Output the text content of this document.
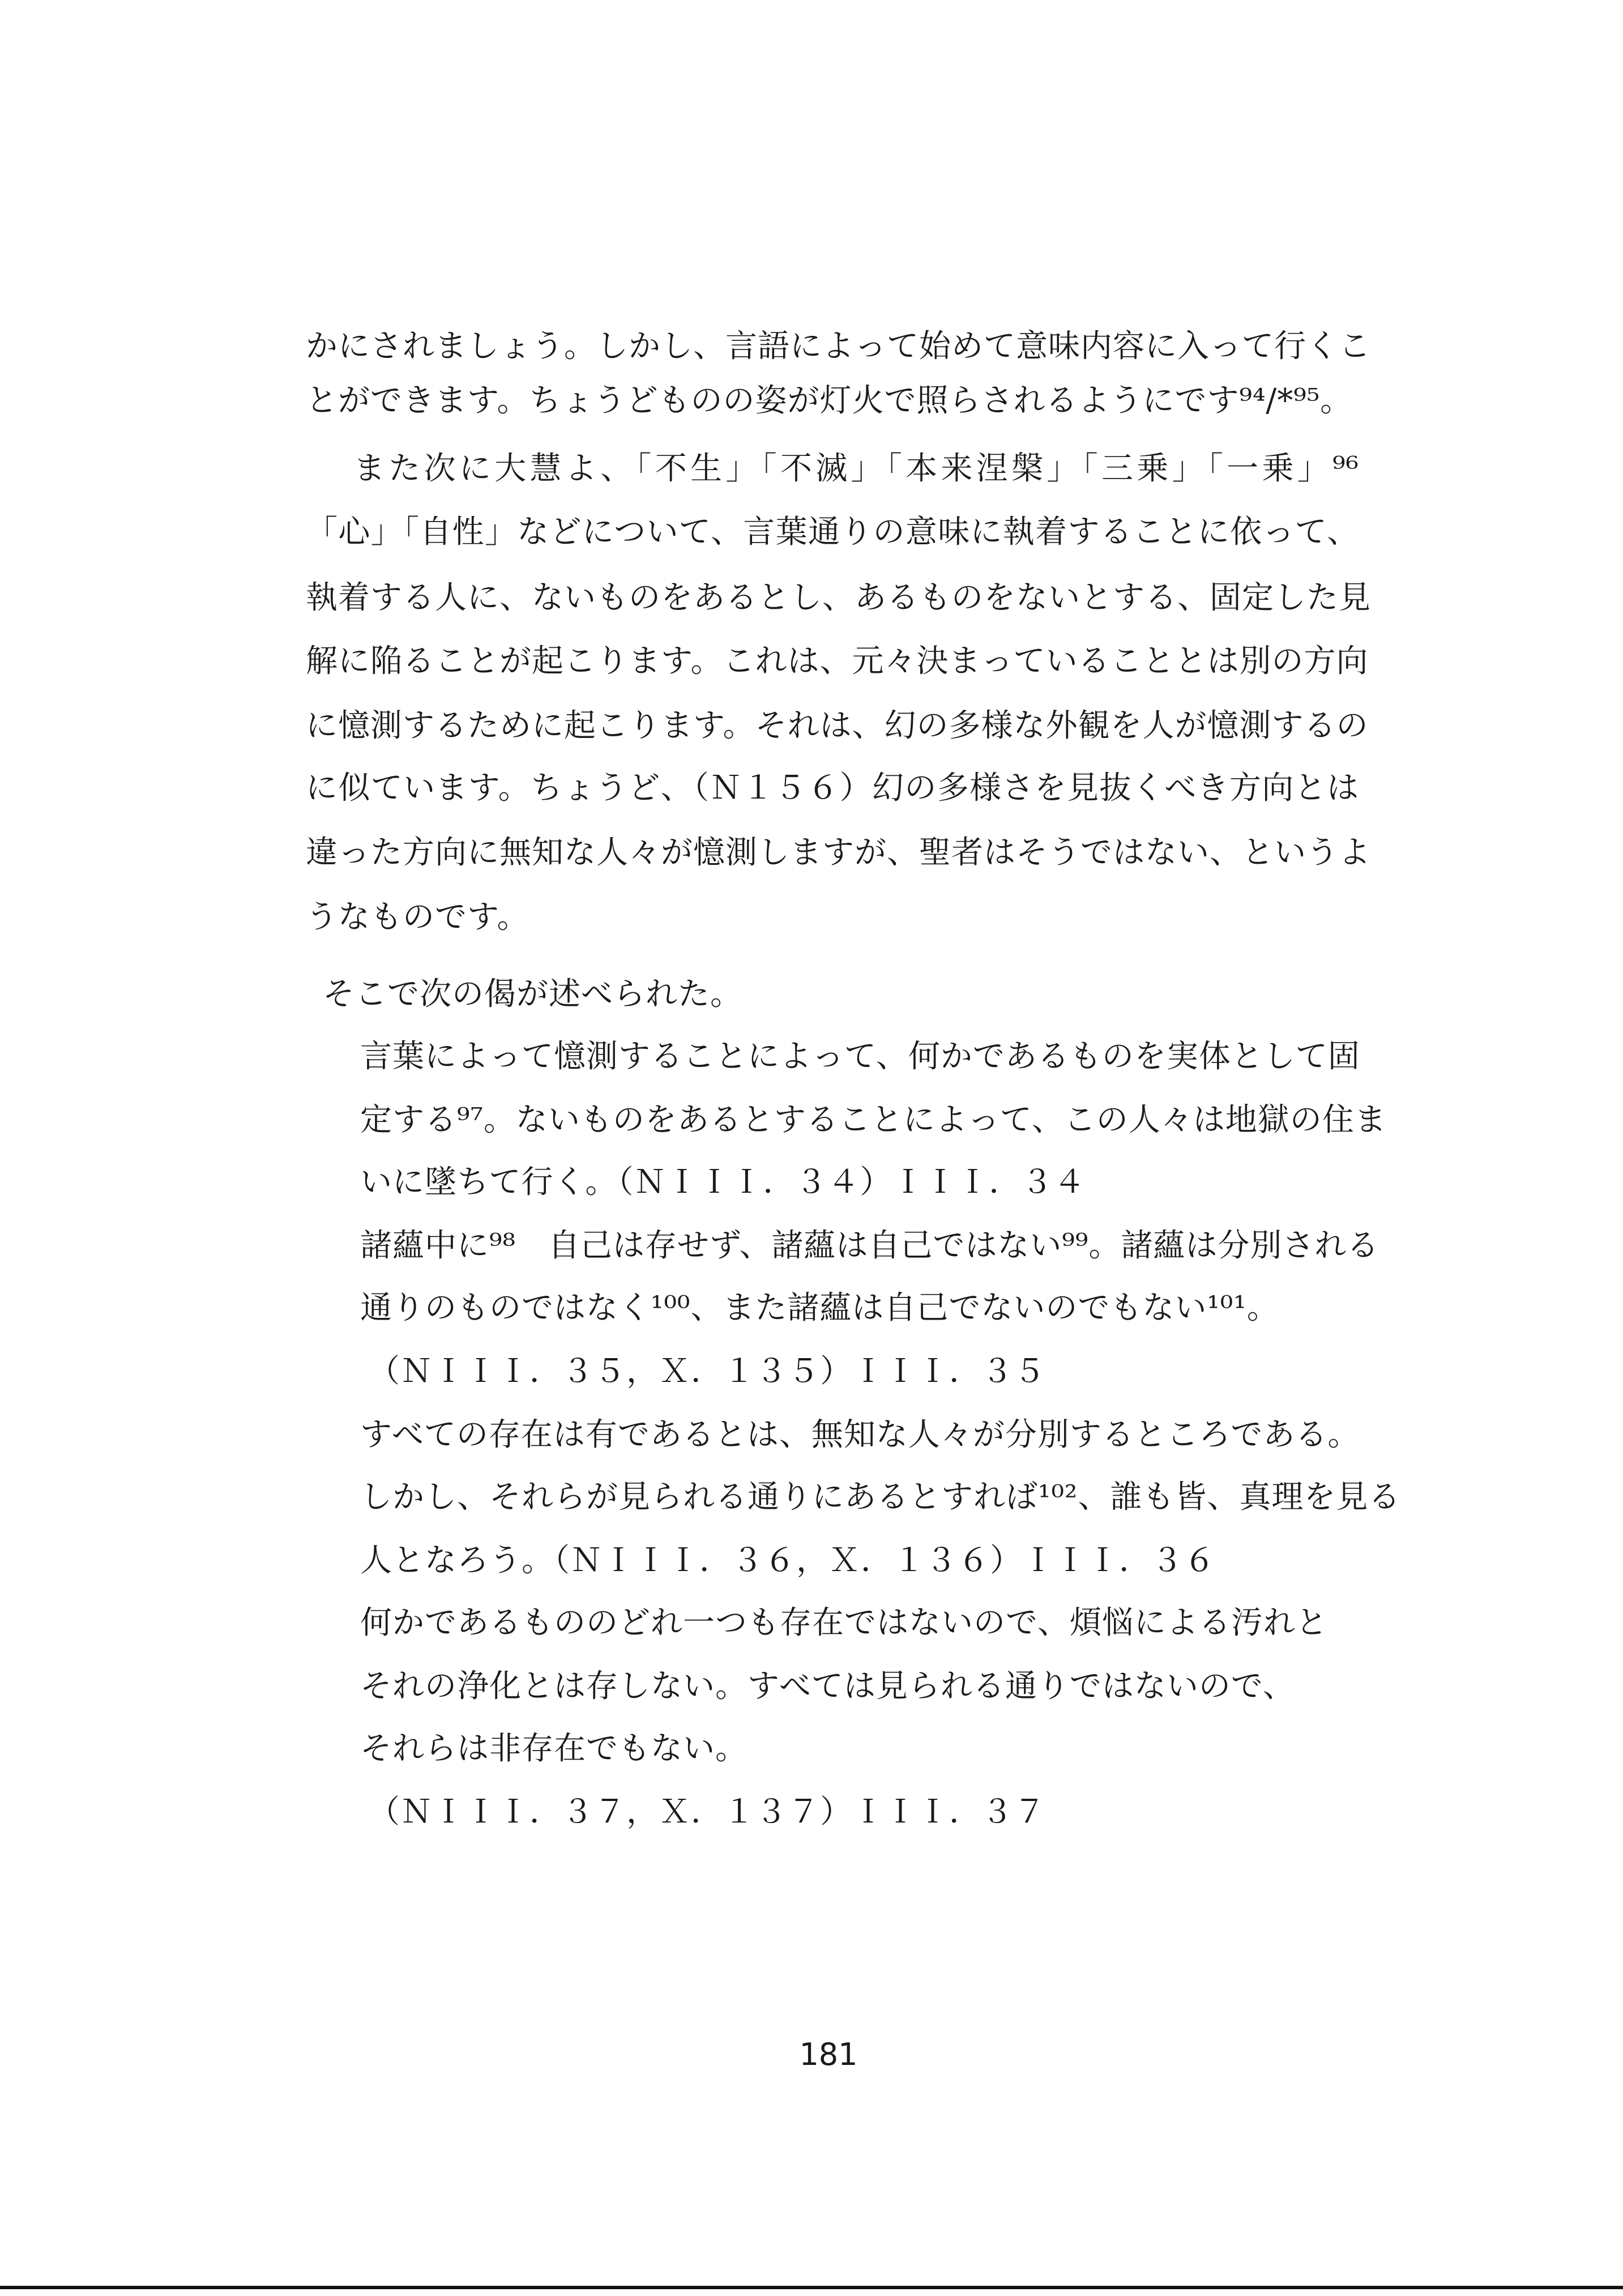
かにされましょう。しかし、言語によって始めて意味内容に入って行くこ
とができます。ちょうどものの姿が灯火で照らされるようにです⁹⁴/*⁹⁵。
また次に大慧よ、「不生」「不滅」「本来涅槃」「三乗」「一乗」⁹⁶
「心」「自性」などについて、言葉通りの意味に執着することに依って、
執着する人に、ないものをあるとし、あるものをないとする、固定した見
解に陥ることが起こります。これは、元々決まっていることとは別の方向
に憶測するために起こります。それは、幻の多様な外観を人が憶測するの
に似ています。ちょうど、（Ｎ１５６）幻の多様さを見抜くべき方向とは
違った方向に無知な人々が憶測しますが、聖者はそうではない、というよ
うなものです。
そこで次の偈が述べられた。
言葉によって憶測することによって、何かであるものを実体として固
定する⁹⁷。ないものをあるとすることによって、この人々は地獄の住ま
いに墜ちて行く。（ＮＩＩＩ．３４）ＩＩＩ．３４
諸蘊中に⁹⁸　自己は存せず、諸蘊は自己ではない⁹⁹。諸蘊は分別される
通りのものではなく¹⁰⁰、また諸蘊は自己でないのでもない¹⁰¹。
（ＮＩＩＩ．３５，Ｘ．１３５）ＩＩＩ．３５
すべての存在は有であるとは、無知な人々が分別するところである。
しかし、それらが見られる通りにあるとすれば¹⁰²、誰も皆、真理を見る
人となろう。（ＮＩＩＩ．３６，Ｘ．１３６）ＩＩＩ．３６
何かであるもののどれ一つも存在ではないので、煩悩による汚れと
それの浄化とは存しない。すべては見られる通りではないので、
それらは非存在でもない。
（ＮＩＩＩ．３７，Ｘ．１３７）ＩＩＩ．３７
181
